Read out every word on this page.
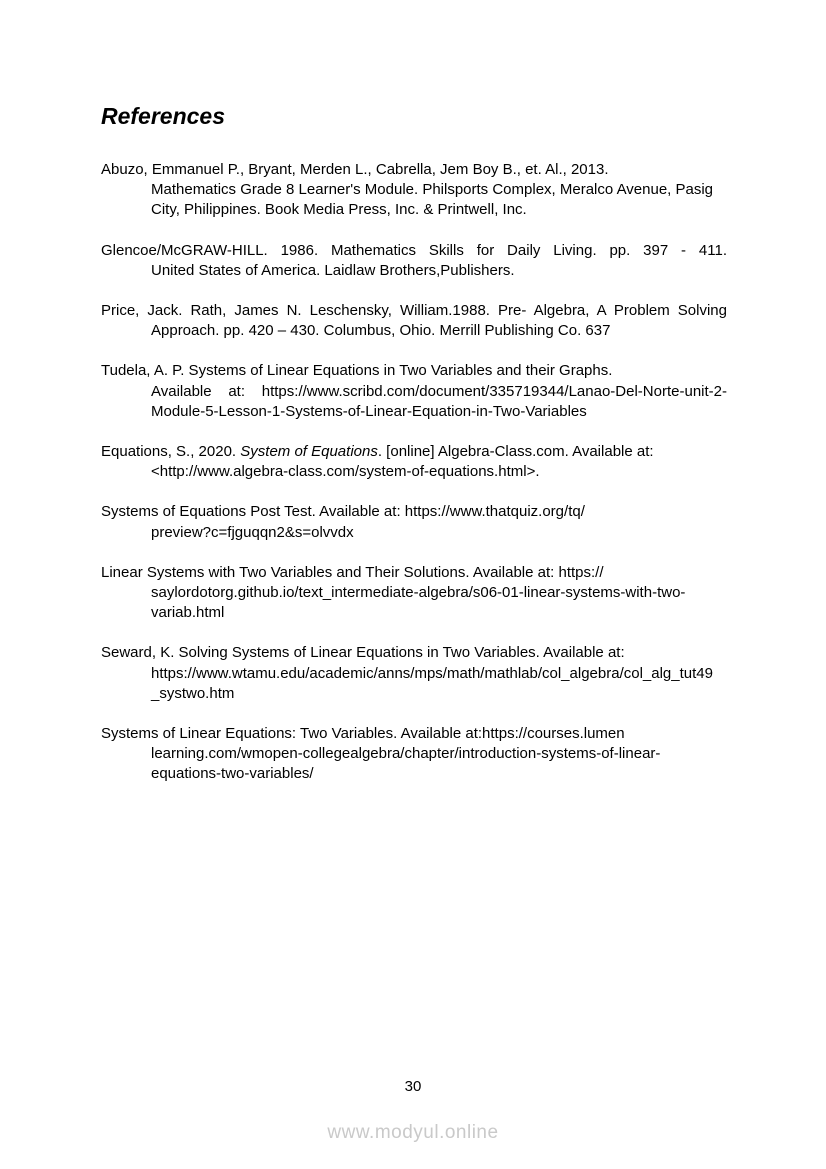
References
Abuzo, Emmanuel P., Bryant, Merden L., Cabrella, Jem Boy B., et. Al., 2013.
Mathematics Grade 8 Learner's Module. Philsports Complex, Meralco Avenue, Pasig
City, Philippines. Book Media Press, Inc. & Printwell, Inc.
Glencoe/McGRAW-HILL. 1986. Mathematics Skills for Daily Living. pp. 397 - 411.
United States of America. Laidlaw Brothers,Publishers.
Price, Jack. Rath, James N. Leschensky, William.1988. Pre- Algebra, A Problem Solving
Approach. pp. 420 – 430. Columbus, Ohio. Merrill Publishing Co. 637
Tudela, A. P. Systems of Linear Equations in Two Variables and their Graphs.
Available at: https://www.scribd.com/document/335719344/Lanao-Del-Norte-unit-2-
Module-5-Lesson-1-Systems-of-Linear-Equation-in-Two-Variables
Equations, S., 2020. System of Equations. [online] Algebra-Class.com. Available at:
<http://www.algebra-class.com/system-of-equations.html>.
Systems of Equations Post Test. Available at: https://www.thatquiz.org/tq/
preview?c=fjguqqn2&s=olvvdx
Linear Systems with Two Variables and Their Solutions. Available at: https://
saylordotorg.github.io/text_intermediate-algebra/s06-01-linear-systems-with-two-
variab.html
Seward, K. Solving Systems of Linear Equations in Two Variables. Available at:
https://www.wtamu.edu/academic/anns/mps/math/mathlab/col_algebra/col_alg_tut49
_systwo.htm
Systems of Linear Equations: Two Variables. Available at:https://courses.lumen
learning.com/wmopen-collegealgebra/chapter/introduction-systems-of-linear-
equations-two-variables/
30
www.modyul.online
